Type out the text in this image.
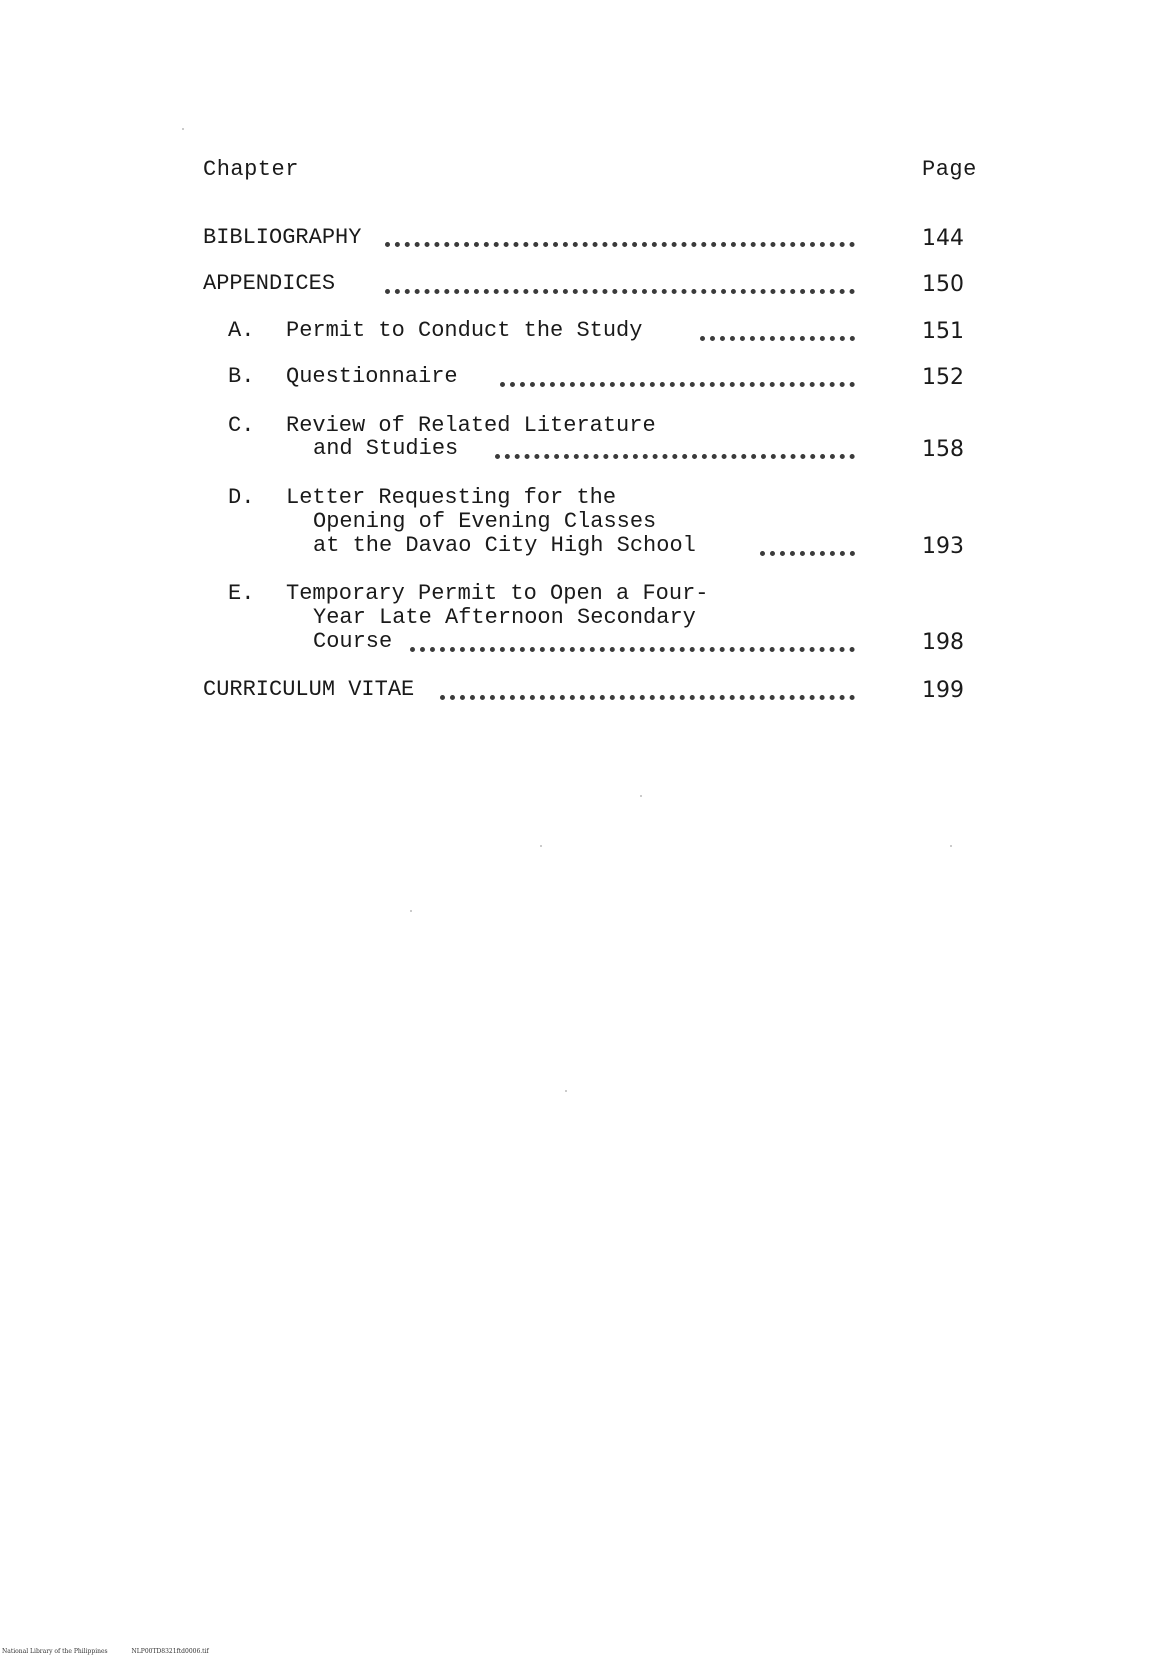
Chapter	Page
BIBLIOGRAPHY	144
APPENDICES	150
A. Permit to Conduct the Study	151
B. Questionnaire	152
C. Review of Related Literature
and Studies	158
D. Letter Requesting for the
Opening of Evening Classes
at the Davao City High School	193
E. Temporary Permit to Open a Four-
Year Late Afternoon Secondary
Course	198
CURRICULUM VITAE	199
National Library of the Philippines	NLP00TD8321ftd0006.tif
